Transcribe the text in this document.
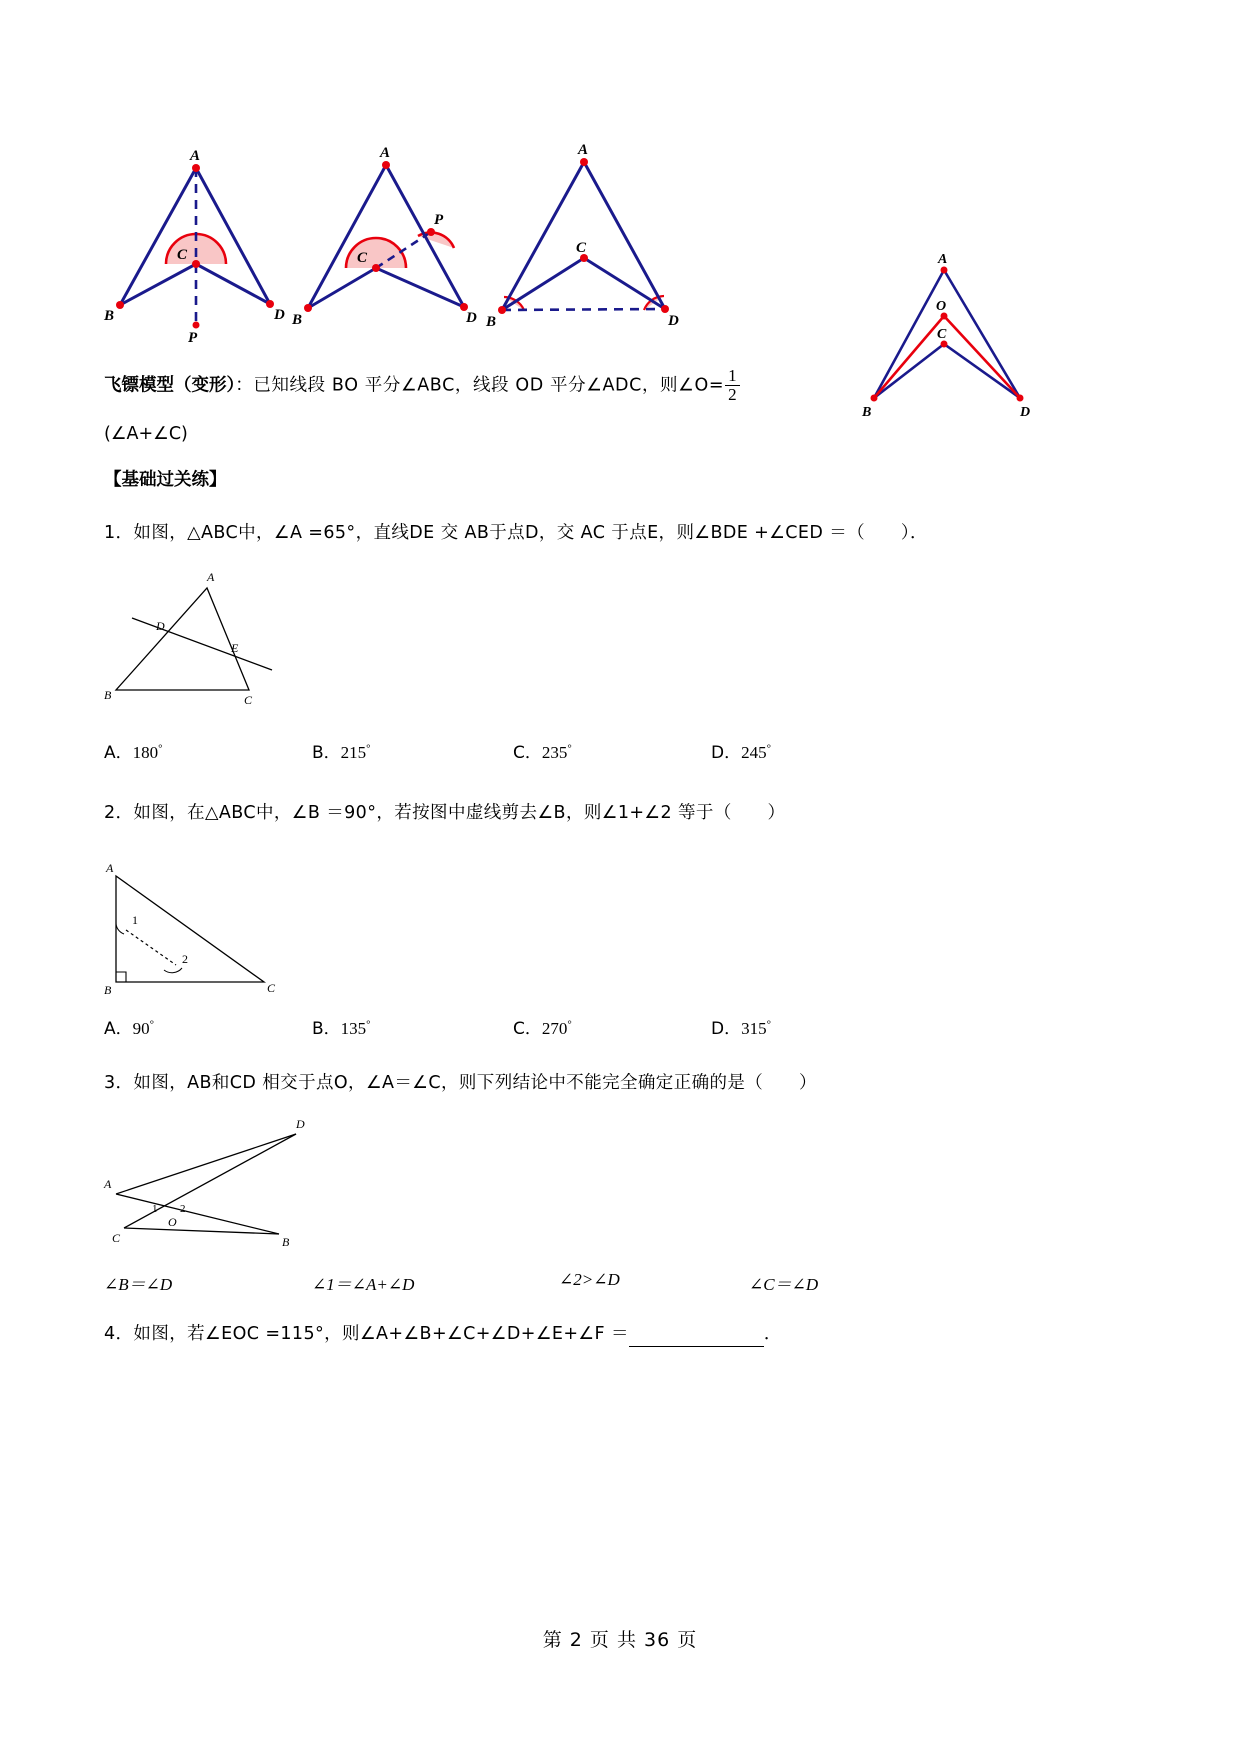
A
C
B	D
P
A
C
P
B	D
A
C
B	D
A
O
C
B	D
飞镖模型（变形）：已知线段 BO 平分∠ABC，线段 OD 平分∠ADC，则∠O= $\frac{1}{2}$
(∠A+∠C)
【基础过关练】
1．如图，△ABC中，∠A =65°，直线DE 交 AB于点D，交 AC 于点E，则∠BDE +∠CED ＝（　　）．
D
A
E
B	C
A．180°	B．215°	C．235°	D．245°
2．如图，在△ABC中，∠B ＝90°，若按图中虚线剪去∠B，则∠1+∠2 等于（　　）
A
B	C
1
2
A．90°	B．135°	C．270°	D．315°
3．如图，AB和CD 相交于点O，∠A＝∠C，则下列结论中不能完全确定正确的是（　　）
D
A
1 2
O
C	B
∠B＝∠D	∠1＝∠A+∠D	∠2>∠D	∠C＝∠D
4．如图，若∠EOC =115°，则∠A+∠B+∠C+∠D+∠E+∠F ＝	．
第 2 页 共 36 页
